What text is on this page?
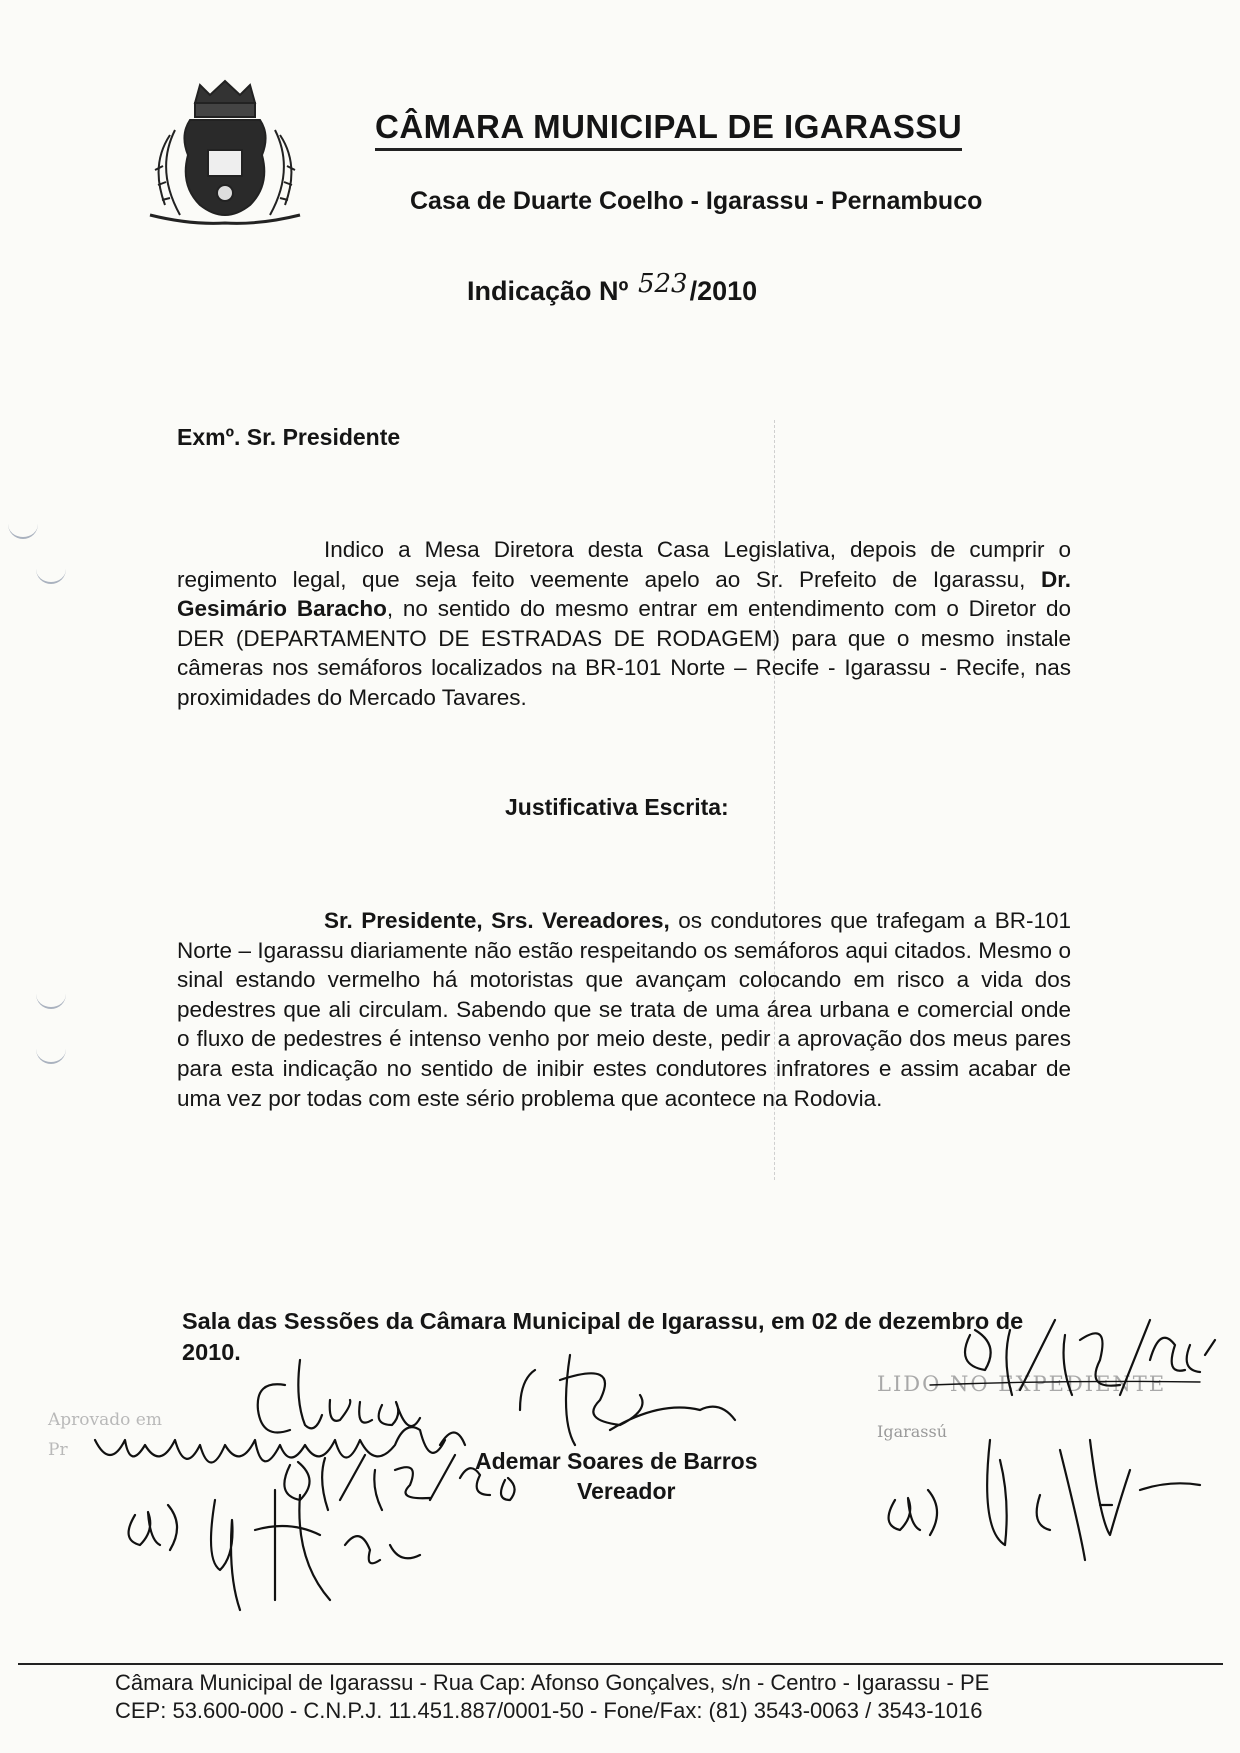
CÂMARA MUNICIPAL DE IGARASSU
Casa de Duarte Coelho - Igarassu - Pernambuco
Indicação Nº 523/2010
Exmº. Sr. Presidente
Indico a Mesa Diretora desta Casa Legislativa, depois de cumprir o regimento legal, que seja feito veemente apelo ao Sr. Prefeito de Igarassu, Dr. Gesimário Baracho, no sentido do mesmo entrar em entendimento com o Diretor do DER (DEPARTAMENTO DE ESTRADAS DE RODAGEM) para que o mesmo instale câmeras nos semáforos localizados na BR-101 Norte – Recife - Igarassu - Recife, nas proximidades do Mercado Tavares.
Justificativa Escrita:
Sr. Presidente, Srs. Vereadores, os condutores que trafegam a BR-101 Norte – Igarassu diariamente não estão respeitando os semáforos aqui citados. Mesmo o sinal estando vermelho há motoristas que avançam colocando em risco a vida dos pedestres que ali circulam. Sabendo que se trata de uma área urbana e comercial onde o fluxo de pedestres é intenso venho por meio deste, pedir a aprovação dos meus pares para esta indicação no sentido de inibir estes condutores infratores e assim acabar de uma vez por todas com este sério problema que acontece na Rodovia.
Sala das Sessões da Câmara Municipal de Igarassu, em 02 de dezembro de 2010.
Aprovado em
Pr
LIDO NO EXPEDIENTE
Igarassú
Ademar Soares de Barros
Vereador
Câmara Municipal de Igarassu - Rua Cap: Afonso Gonçalves, s/n - Centro - Igarassu - PE
CEP: 53.600-000 - C.N.P.J. 11.451.887/0001-50 - Fone/Fax: (81) 3543-0063 / 3543-1016
